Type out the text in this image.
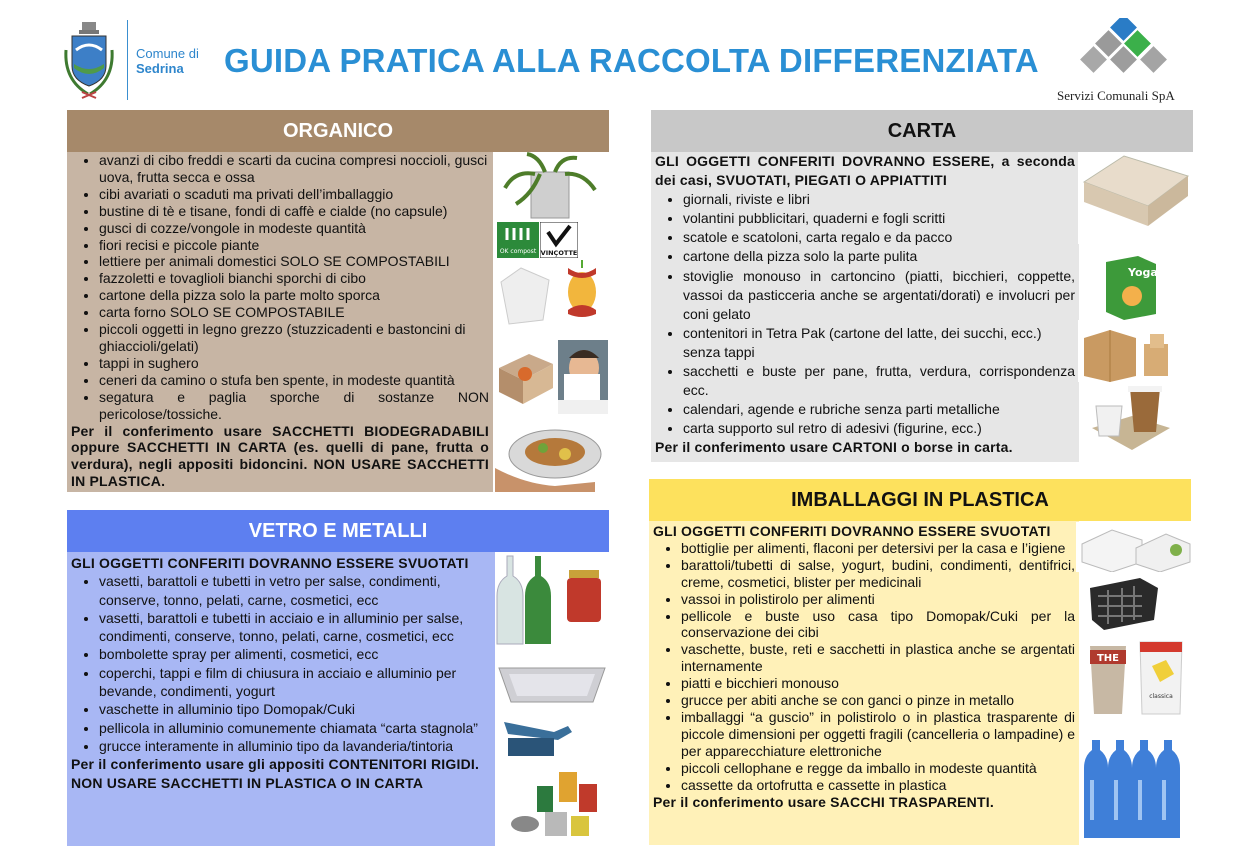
Comune di
Sedrina	GUIDA PRATICA ALLA RACCOLTA DIFFERENZIATA
Servizi Comunali SpA
ORGANICO
• avanzi di cibo freddi e scarti da cucina compresi noccioli, gusci uova, frutta secca e ossa
• cibi avariati o scaduti ma privati dell’imballaggio
• bustine di tè e tisane, fondi di caffè e cialde (no capsule)
• gusci di cozze/vongole in modeste quantità
• fiori recisi e piccole piante
• lettiere per animali domestici SOLO SE COMPOSTABILI
• fazzoletti e tovaglioli bianchi sporchi di cibo
• cartone della pizza solo la parte molto sporca
• carta forno SOLO SE COMPOSTABILE
• piccoli oggetti in legno grezzo (stuzzicadenti e bastoncini di ghiaccioli/gelati)
• tappi in sughero
• ceneri da camino o stufa ben spente, in modeste quantità
• segatura e paglia sporche di sostanze NON pericolose/tossiche.

Per il conferimento usare SACCHETTI BIODEGRADABILI oppure SACCHETTI IN CARTA (es. quelli di pane, frutta o verdura), negli appositi bidoncini. NON USARE SACCHETTI IN PLASTICA.

OK compost VINÇOTTE
CARTA

GLI OGGETTI CONFERITI DOVRANNO ESSERE, a seconda dei casi, SVUOTATI, PIEGATI O APPIATTITI

• giornali, riviste e libri
• volantini pubblicitari, quaderni e fogli scritti
• scatole e scatoloni, carta regalo e da pacco
• cartone della pizza solo la parte pulita
• stoviglie monouso in cartoncino (piatti, bicchieri, coppette, vassoi da pasticceria anche se argentati/dorati) e involucri per coni gelato
• contenitori in Tetra Pak (cartone del latte, dei succhi, ecc.) senza tappi
• sacchetti e buste per pane, frutta, verdura, corrispondenza ecc.
• calendari, agende e rubriche senza parti metalliche
• carta supporto sul retro di adesivi (figurine, ecc.)

Per il conferimento usare CARTONI o borse in carta.

Yoga
VETRO E METALLI

GLI OGGETTI CONFERITI DOVRANNO ESSERE SVUOTATI

• vasetti, barattoli e tubetti in vetro per salse, condimenti, conserve, tonno, pelati, carne, cosmetici, ecc
• vasetti, barattoli e tubetti in acciaio e in alluminio per salse, condimenti, conserve, tonno, pelati, carne, cosmetici, ecc
• bombolette spray per alimenti, cosmetici, ecc
• coperchi, tappi e film di chiusura in acciaio e alluminio per bevande, condimenti, yogurt
• vaschette in alluminio tipo Domopak/Cuki
• pellicola in alluminio comunemente chiamata “carta stagnola”
• grucce interamente in alluminio tipo da lavanderia/tintoria

Per il conferimento usare gli appositi CONTENITORI RIGIDI. NON USARE SACCHETTI IN PLASTICA O IN CARTA

IMBALLAGGI IN PLASTICA

GLI OGGETTI CONFERITI DOVRANNO ESSERE SVUOTATI

• bottiglie per alimenti, flaconi per detersivi per la casa e l’igiene
• barattoli/tubetti di salse, yogurt, budini, condimenti, dentifrici, creme, cosmetici, blister per medicinali
• vassoi in polistirolo per alimenti
• pellicole e buste uso casa tipo Domopak/Cuki per la conservazione dei cibi
• vaschette, buste, reti e sacchetti in plastica anche se argentati internamente
• piatti e bicchieri monouso
• grucce per abiti anche se con ganci o pinze in metallo
• imballaggi “a guscio” in polistirolo o in plastica trasparente di piccole dimensioni per oggetti fragili (cancelleria o lampadine) e per apparecchiature elettroniche
• piccoli cellophane e regge da imballo in modeste quantità
• cassette da ortofrutta e cassette in plastica

Per il conferimento usare SACCHI TRASPARENTI.

THE
classica
